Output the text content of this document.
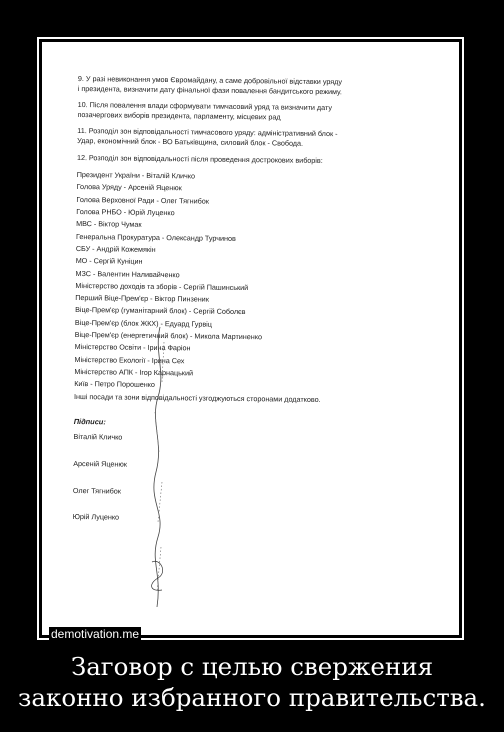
9. У разі невиконання умов Євромайдану, а саме добровільної відставки уряду

і президента, визначити дату фінальної фази повалення бандитського режиму.

10. Після повалення влади сформувати тимчасовий уряд та визначити дату

позачергових виборів президента, парламенту, місцевих рад

11. Розподіл зон відповідальності тимчасового уряду: адміністративний блок -

Удар, економічний блок - ВО Батьківщина, силовий блок - Свобода.

12. Розподіл зон відповідальності після проведення дострокових виборів:

Президент України - Віталій Кличко

Голова Уряду - Арсеній Яценюк

Голова Верховної Ради - Олег Тягнибок

Голова РНБО - Юрій Луценко

МВС - Віктор Чумак

Генеральна Прокуратура - Олександр Турчинов

СБУ - Андрій Кожемякін

МО - Сергій Куніцин

МЗС - Валентин Наливайченко

Міністерство доходів та зборів - Сергій Пашинський

Перший Віце-Прем'єр - Віктор Пинзеник

Віце-Прем'єр (гуманітарний блок) - Сергій Соболєв

Віце-Прем'єр (блок ЖКХ) - Едуард Гурвіц

Віце-Прем'єр (енергетичний блок) - Микола Мартиненко

Міністерство Освіти - Ірина Фаріон

Міністерство Екології - Ірина Сех

Міністерство АПК - Ігор Карнацький

Київ - Петро Порошенко

Інші посади та зони відповідальності узгоджуються сторонами додатково.

Підписи:
Віталій Кличко
Арсеній Яценюк
Олег Тягнибок
Юрій Луценко
demotivation.me

Заговор с целью свержения

законно избранного правительства.
